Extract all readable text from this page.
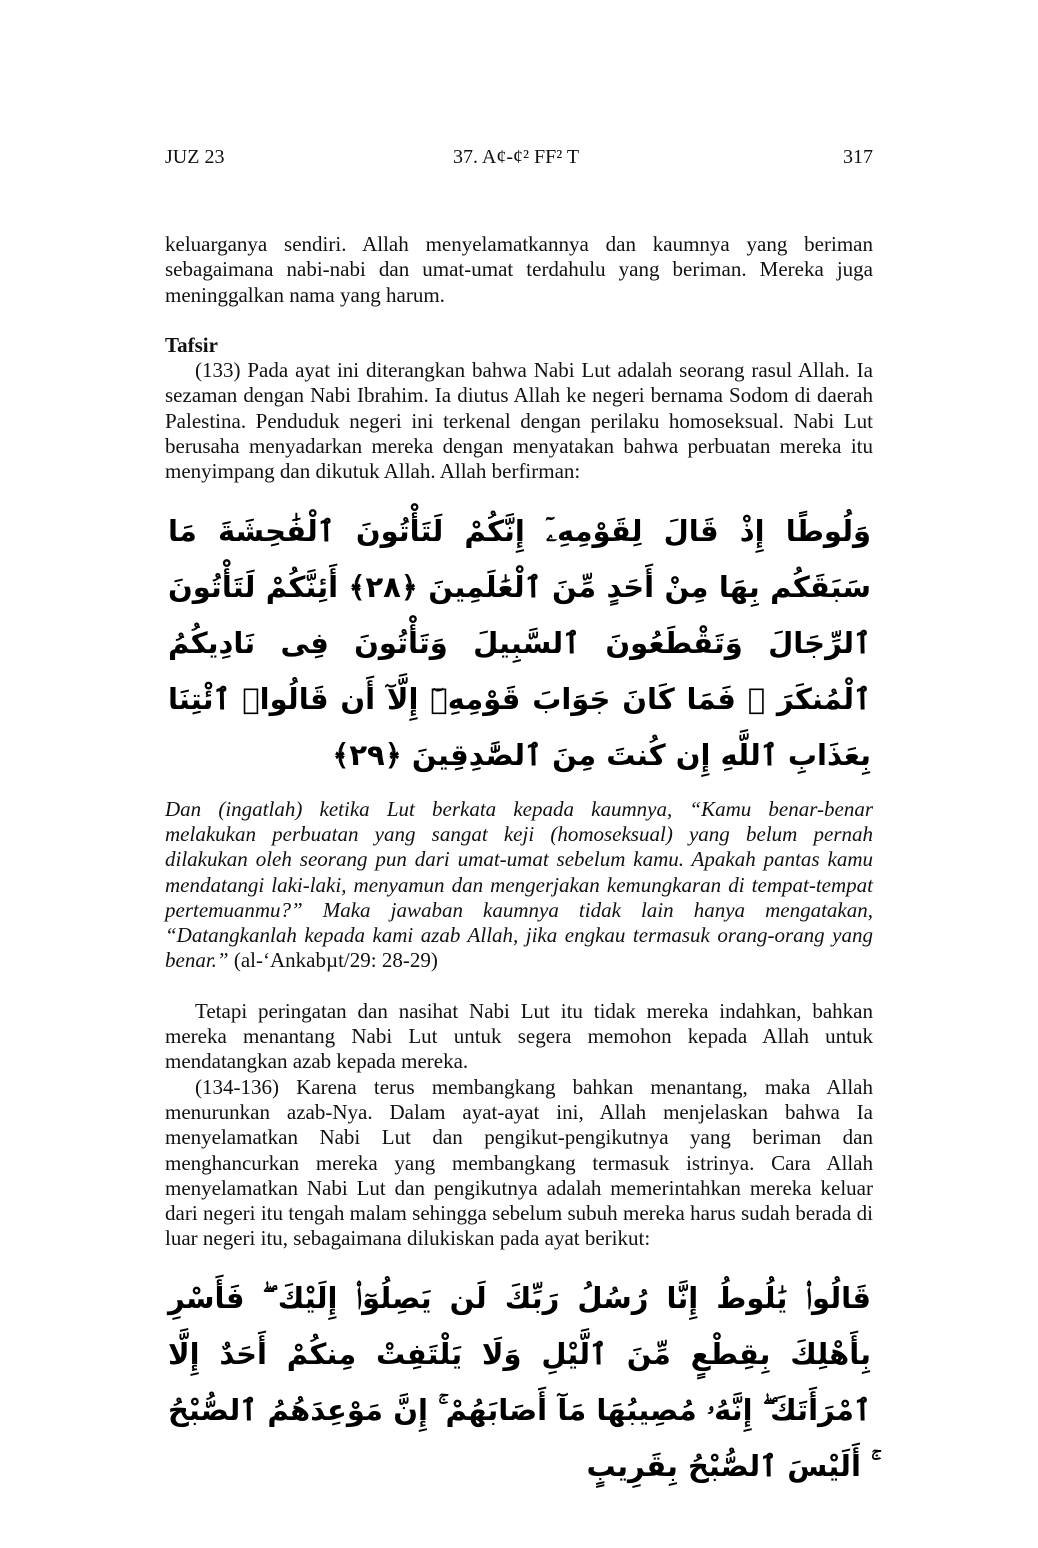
JUZ 23	37. A¢-¢² FF² T	317

keluarganya sendiri. Allah menyelamatkannya dan kaumnya yang beriman sebagaimana nabi-nabi dan umat-umat terdahulu yang beriman. Mereka juga meninggalkan nama yang harum.

Tafsir

(133) Pada ayat ini diterangkan bahwa Nabi Lut adalah seorang rasul Allah. Ia sezaman dengan Nabi Ibrahim. Ia diutus Allah ke negeri bernama Sodom di daerah Palestina. Penduduk negeri ini terkenal dengan perilaku homoseksual. Nabi Lut berusaha menyadarkan mereka dengan menyatakan bahwa perbuatan mereka itu menyimpang dan dikutuk Allah. Allah berfirman:

وَلُوطًا إِذْ قَالَ لِقَوْمِهِۦٓ إِنَّكُمْ لَتَأْتُونَ ٱلْفَٰحِشَةَ مَا سَبَقَكُم بِهَا مِنْ أَحَدٍ مِّنَ ٱلْعَٰلَمِينَ ﴿٢٨﴾ أَئِنَّكُمْ لَتَأْتُونَ ٱلرِّجَالَ وَتَقْطَعُونَ ٱلسَّبِيلَ وَتَأْتُونَ فِى نَادِيكُمُ ٱلْمُنكَرَ ۖ فَمَا كَانَ جَوَابَ قَوْمِهِۦٓ إِلَّآ أَن قَالُوا۟ ٱئْتِنَا بِعَذَابِ ٱللَّهِ إِن كُنتَ مِنَ ٱلصَّٰدِقِينَ ﴿٢٩﴾

Dan (ingatlah) ketika Lut berkata kepada kaumnya, “Kamu benar-benar melakukan perbuatan yang sangat keji (homoseksual) yang belum pernah dilakukan oleh seorang pun dari umat-umat sebelum kamu. Apakah pantas kamu mendatangi laki-laki, menyamun dan mengerjakan kemungkaran di tempat-tempat pertemuanmu?” Maka jawaban kaumnya tidak lain hanya mengatakan, “Datangkanlah kepada kami azab Allah, jika engkau termasuk orang-orang yang benar.” (al-‘Ankabµt/29: 28-29)

Tetapi peringatan dan nasihat Nabi Lut itu tidak mereka indahkan, bahkan mereka menantang Nabi Lut untuk segera memohon kepada Allah untuk mendatangkan azab kepada mereka.

(134-136) Karena terus membangkang bahkan menantang, maka Allah menurunkan azab-Nya. Dalam ayat-ayat ini, Allah menjelaskan bahwa Ia menyelamatkan Nabi Lut dan pengikut-pengikutnya yang beriman dan menghancurkan mereka yang membangkang termasuk istrinya. Cara Allah menyelamatkan Nabi Lut dan pengikutnya adalah memerintahkan mereka keluar dari negeri itu tengah malam sehingga sebelum subuh mereka harus sudah berada di luar negeri itu, sebagaimana dilukiskan pada ayat berikut:

قَالُوا۟ يَٰلُوطُ إِنَّا رُسُلُ رَبِّكَ لَن يَصِلُوٓا۟ إِلَيْكَ ۖ فَأَسْرِ بِأَهْلِكَ بِقِطْعٍ مِّنَ ٱلَّيْلِ وَلَا يَلْتَفِتْ مِنكُمْ أَحَدٌ إِلَّا ٱمْرَأَتَكَ ۖ إِنَّهُۥ مُصِيبُهَا مَآ أَصَابَهُمْ ۚ إِنَّ مَوْعِدَهُمُ ٱلصُّبْحُ ۚ أَلَيْسَ ٱلصُّبْحُ بِقَرِيبٍ
